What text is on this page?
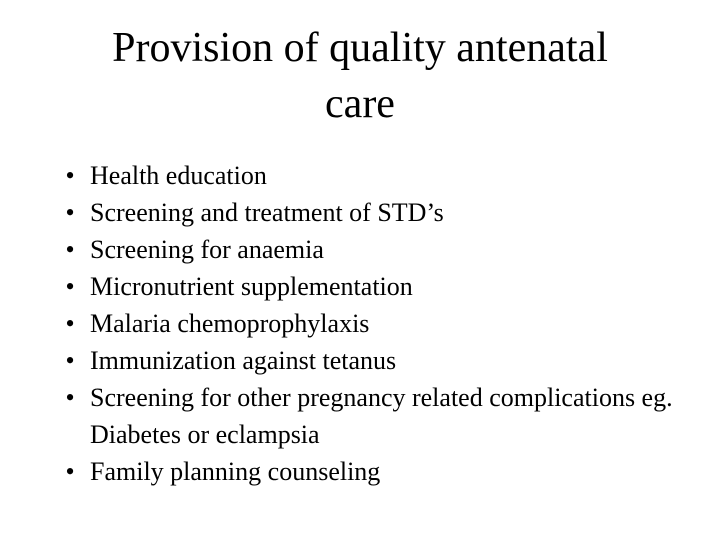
Provision of quality antenatal
care
• Health education
• Screening and treatment of STD’s
• Screening for anaemia
• Micronutrient supplementation
• Malaria chemoprophylaxis
• Immunization against tetanus
• Screening for other pregnancy related complications eg. Diabetes or eclampsia
• Family planning counseling
